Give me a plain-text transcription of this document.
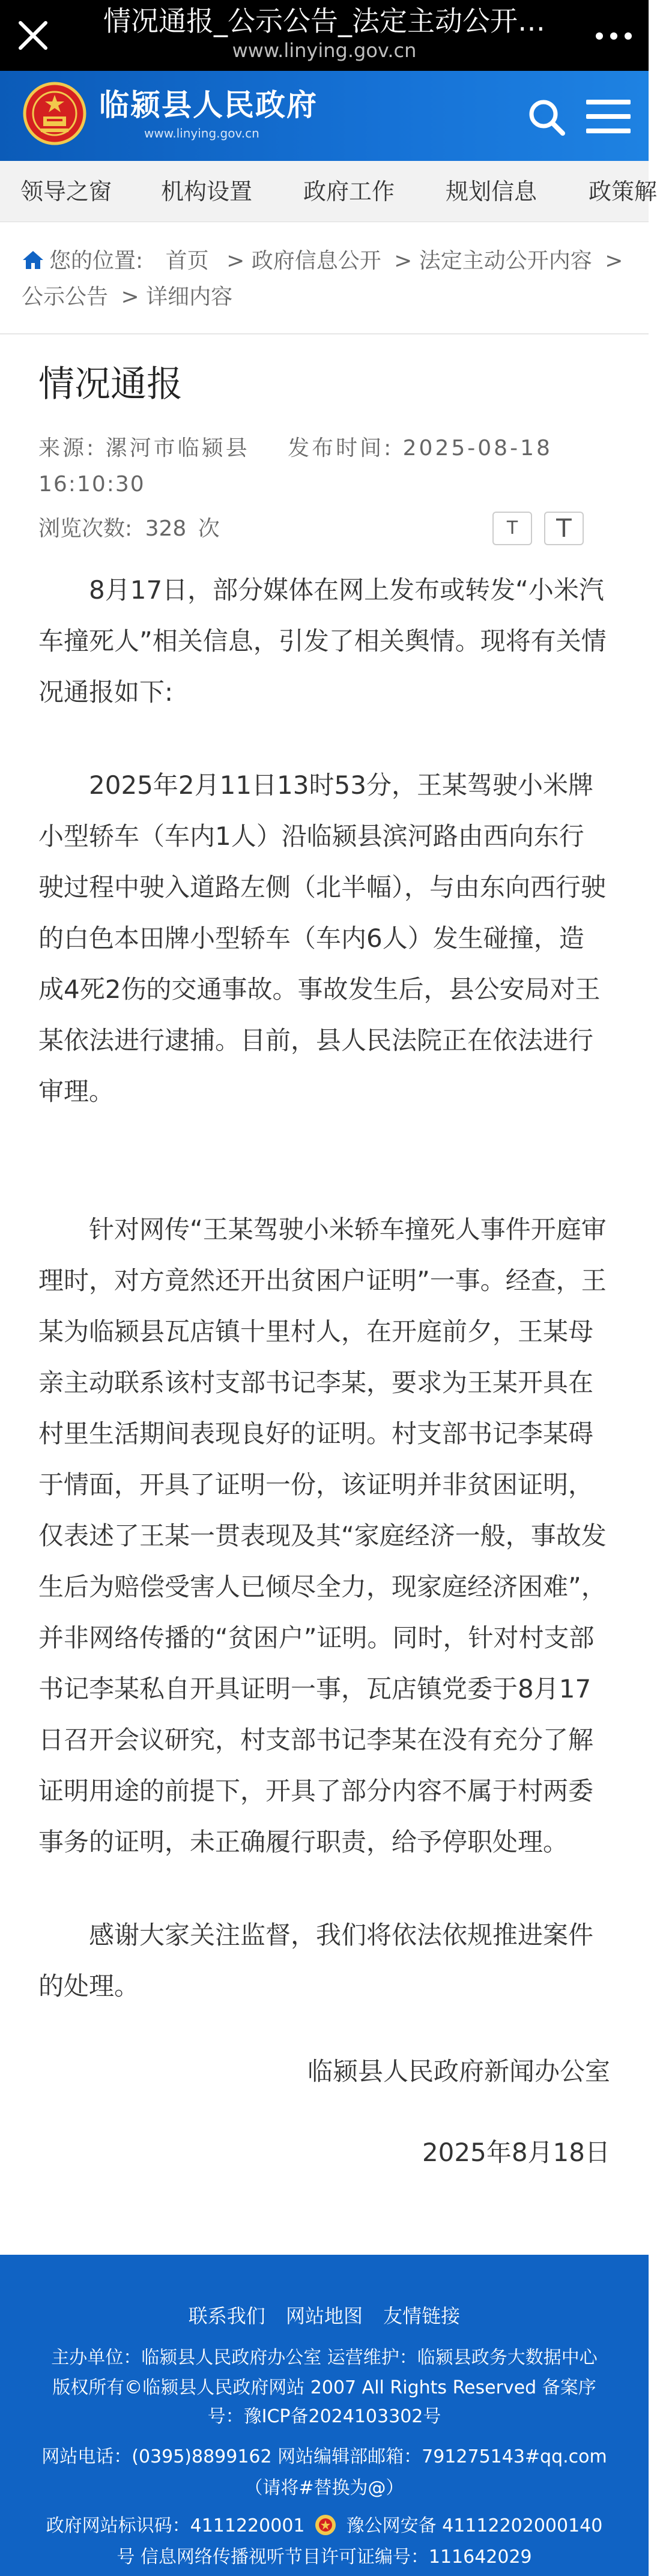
情况通报_公示公告_法定主动公开…
www.linying.gov.cn
临颍县人民政府
www.linying.gov.cn
领导之窗 机构设置 政府工作 规划信息 政策解
您的位置: 首页 > 政府信息公开 > 法定主动公开内容 >
公示公告 > 详细内容
情况通报
来源: 漯河市临颍县 发布时间: 2025-08-18
16:10:30
浏览次数: 328 次	T	T
8月17日，部分媒体在网上发布或转发“小米汽车撞死人”相关信息，引发了相关舆情。现将有关情况通报如下:
2025年2月11日13时53分，王某驾驶小米牌小型轿车（车内1人）沿临颍县滨河路由西向东行驶过程中驶入道路左侧（北半幅），与由东向西行驶的白色本田牌小型轿车（车内6人）发生碰撞，造成4死2伤的交通事故。事故发生后，县公安局对王某依法进行逮捕。目前，县人民法院正在依法进行审理。
针对网传“王某驾驶小米轿车撞死人事件开庭审理时，对方竟然还开出贫困户证明”一事。经查，王某为临颍县瓦店镇十里村人，在开庭前夕，王某母亲主动联系该村支部书记李某，要求为王某开具在村里生活期间表现良好的证明。村支部书记李某碍于情面，开具了证明一份，该证明并非贫困证明，仅表述了王某一贯表现及其“家庭经济一般，事故发生后为赔偿受害人已倾尽全力，现家庭经济困难”，并非网络传播的“贫困户”证明。同时，针对村支部书记李某私自开具证明一事，瓦店镇党委于8月17日召开会议研究，村支部书记李某在没有充分了解证明用途的前提下，开具了部分内容不属于村两委事务的证明，未正确履行职责，给予停职处理。
感谢大家关注监督，我们将依法依规推进案件的处理。
临颍县人民政府新闻办公室
2025年8月18日
联系我们 网站地图 友情链接
主办单位：临颍县人民政府办公室 运营维护：临颍县政务大数据中心
版权所有©临颍县人民政府网站 2007 All Rights Reserved 备案序
号：豫ICP备2024103302号
网站电话：(0395)8899162 网站编辑部邮箱：791275143#qq.com
（请将#替换为@）
政府网站标识码：4111220001 豫公网安备 41112202000140
号 信息网络传播视听节目许可证编号：111642029
